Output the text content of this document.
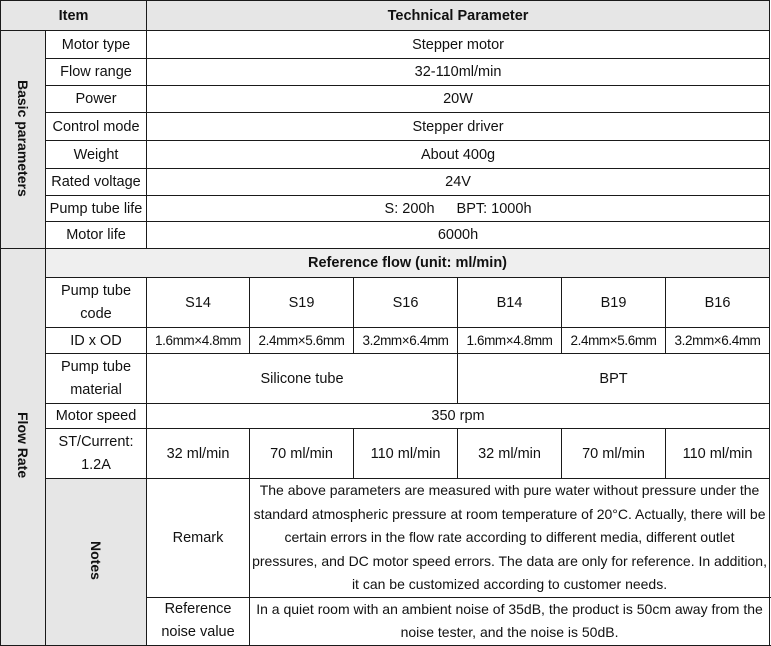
Item		Technical Parameter					
Basic parameters	Motor type	Stepper motor					
	Flow range	32-110ml/min					
	Power	20W					
	Control mode	Stepper driver					
	Weight	About 400g					
	Rated voltage	24V					
	Pump tube life	S: 200h BPT: 1000h					
	Motor life	6000h					
Flow Rate	Reference flow (unit: ml/min)						
	Pump tube code	S14	S19	S16	B14	B19	B16
	ID x OD	1.6mm×4.8mm	2.4mm×5.6mm	3.2mm×6.4mm	1.6mm×4.8mm	2.4mm×5.6mm	3.2mm×6.4mm
	Pump tube material	Silicone tube			BPT		
	Motor speed	350 rpm					
	ST/Current: 1.2A	32 ml/min	70 ml/min	110 ml/min	32 ml/min	70 ml/min	110 ml/min
	Notes	Remark	The above parameters are measured with pure water without pressure under the standard atmospheric pressure at room temperature of 20°C. Actually, there will be certain errors in the flow rate according to different media, different outlet pressures, and DC motor speed errors. The data are only for reference. In addition, it can be customized according to customer needs.				
		Reference noise value	In a quiet room with an ambient noise of 35dB, the product is 50cm away from the noise tester, and the noise is 50dB.				
